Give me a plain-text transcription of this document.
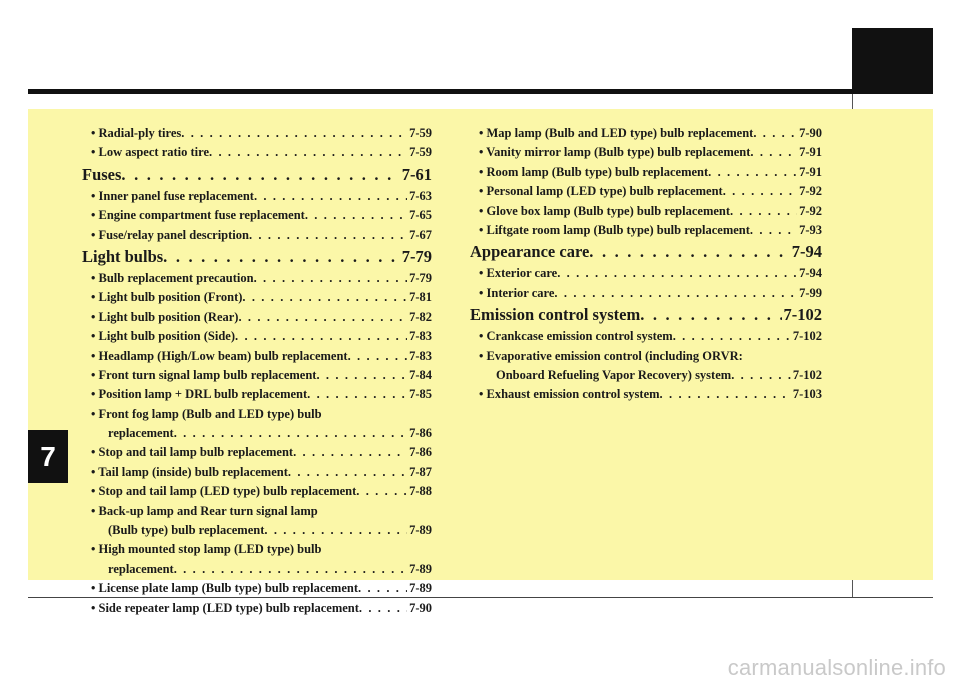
• Radial-ply tires . . .	7-59
• Low aspect ratio tire . . .	7-59
Fuses . . .	7-61
• Inner panel fuse replacement . . .	7-63
• Engine compartment fuse replacement . . .	7-65
• Fuse/relay panel description . . .	7-67
Light bulbs . . .	7-79
• Bulb replacement precaution . . .	7-79
• Light bulb position (Front) . . .	7-81
• Light bulb position (Rear) . . .	7-82
• Light bulb position (Side) . . .	7-83
• Headlamp (High/Low beam) bulb replacement . . .	7-83
• Front turn signal lamp bulb replacement . . .	7-84
• Position lamp + DRL bulb replacement . . .	7-85
• Front fog lamp (Bulb and LED type) bulb
replacement . . .	7-86
• Stop and tail lamp bulb replacement . . .	7-86
• Tail lamp (inside) bulb replacement . . .	7-87
• Stop and tail lamp (LED type) bulb replacement . . .	7-88
• Back-up lamp and Rear turn signal lamp
(Bulb type) bulb replacement . . .	7-89
• High mounted stop lamp (LED type) bulb
replacement . . .	7-89
• License plate lamp (Bulb type) bulb replacement . . .	7-89
• Side repeater lamp (LED type) bulb replacement . . .	7-90
• Map lamp (Bulb and LED type) bulb replacement . . .	7-90
• Vanity mirror lamp (Bulb type) bulb replacement . . .	7-91
• Room lamp (Bulb type) bulb replacement . . .	7-91
• Personal lamp (LED type) bulb replacement . . .	7-92
• Glove box lamp (Bulb type) bulb replacement . . .	7-92
• Liftgate room lamp (Bulb type) bulb replacement . . .	7-93
Appearance care . . .	7-94
• Exterior care . . .	7-94
• Interior care . . .	7-99
Emission control system . . .	7-102
• Crankcase emission control system . . .	7-102
• Evaporative emission control (including ORVR:
Onboard Refueling Vapor Recovery) system . . .	7-102
• Exhaust emission control system . . .	7-103
7
carmanualsonline.info
